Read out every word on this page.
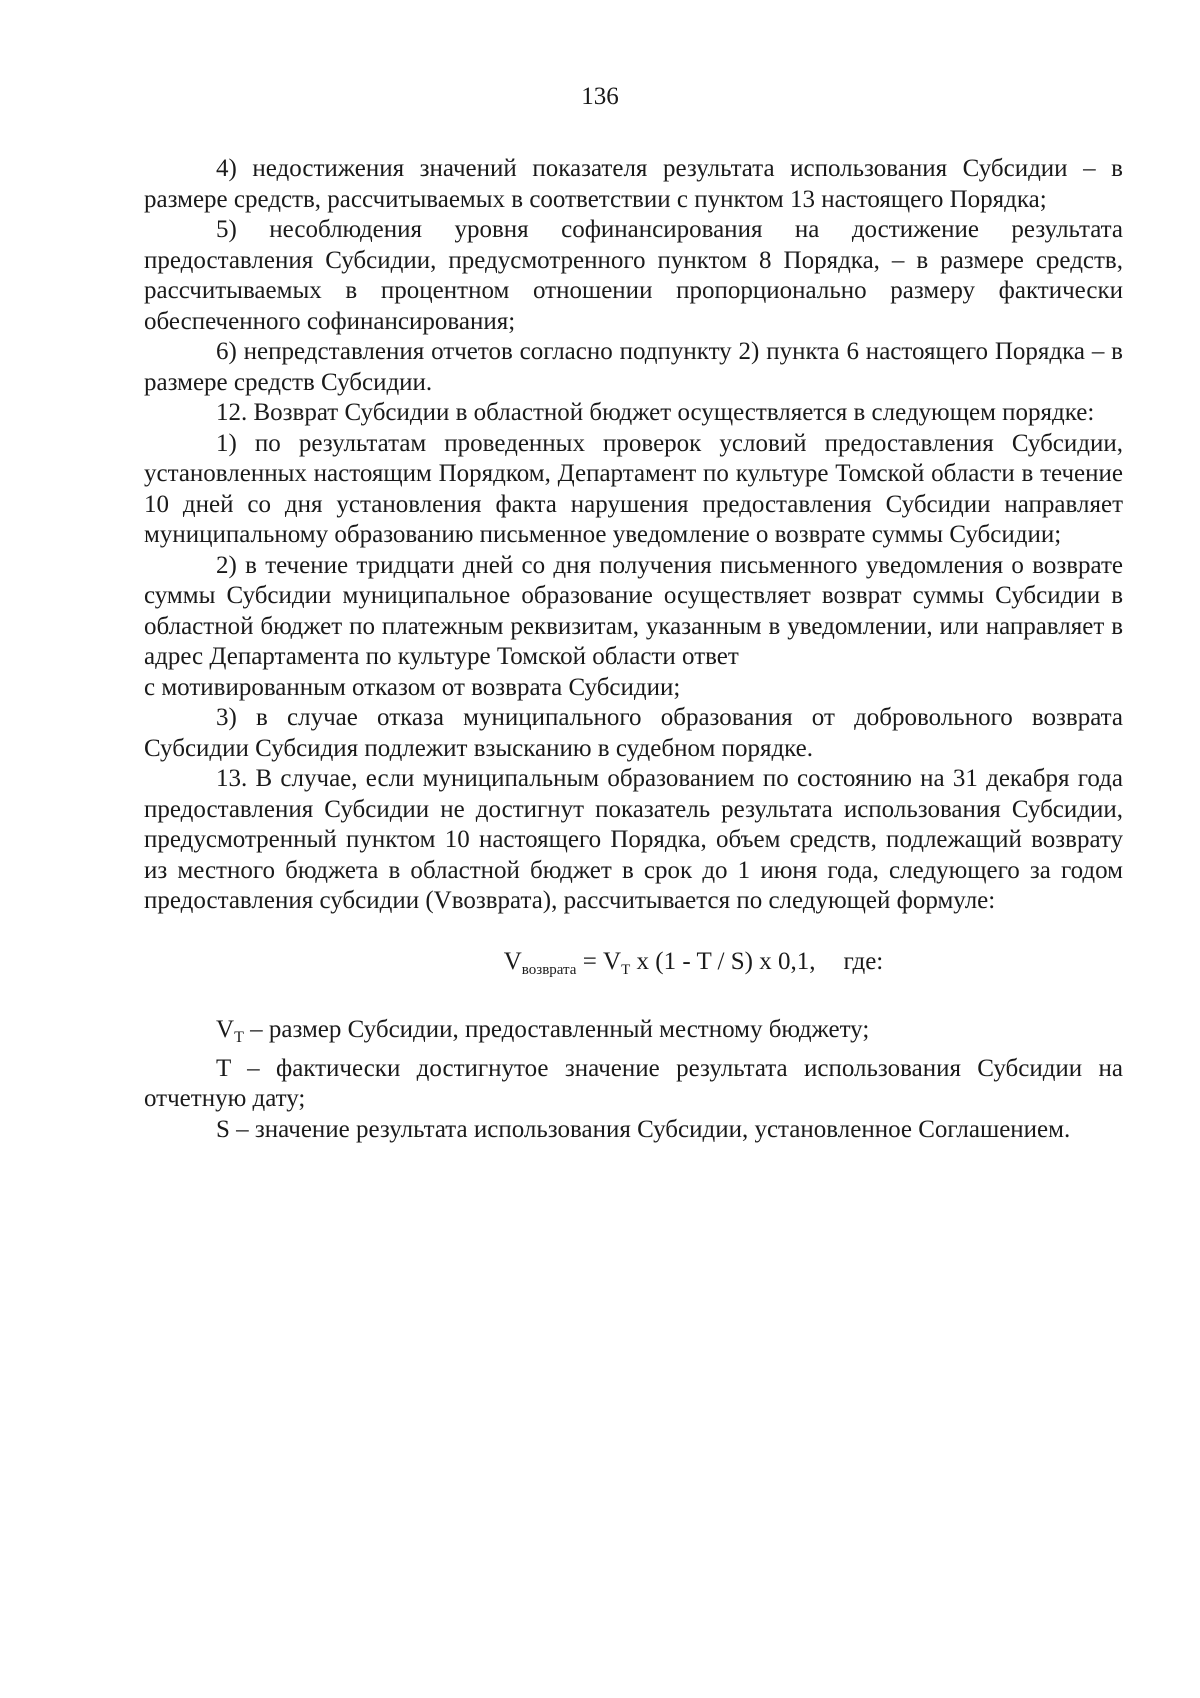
136

4) недостижения значений показателя результата использования Субсидии – в размере средств, рассчитываемых в соответствии с пунктом 13 настоящего Порядка;

5) несоблюдения уровня софинансирования на достижение результата предоставления Субсидии, предусмотренного пунктом 8 Порядка, – в размере средств, рассчитываемых в процентном отношении пропорционально размеру фактически обеспеченного софинансирования;

6) непредставления отчетов согласно подпункту 2) пункта 6 настоящего Порядка – в размере средств Субсидии.

12. Возврат Субсидии в областной бюджет осуществляется в следующем порядке:

1) по результатам проведенных проверок условий предоставления Субсидии, установленных настоящим Порядком, Департамент по культуре Томской области в течение 10 дней со дня установления факта нарушения предоставления Субсидии направляет муниципальному образованию письменное уведомление о возврате суммы Субсидии;

2) в течение тридцати дней со дня получения письменного уведомления о возврате суммы Субсидии муниципальное образование осуществляет возврат суммы Субсидии в областной бюджет по платежным реквизитам, указанным в уведомлении, или направляет в адрес Департамента по культуре Томской области ответ

с мотивированным отказом от возврата Субсидии;

3) в случае отказа муниципального образования от добровольного возврата Субсидии Субсидия подлежит взысканию в судебном порядке.

13. В случае, если муниципальным образованием по состоянию на 31 декабря года предоставления Субсидии не достигнут показатель результата использования Субсидии, предусмотренный пунктом 10 настоящего Порядка, объем средств, подлежащий возврату из местного бюджета в областной бюджет в срок до 1 июня года, следующего за годом предоставления субсидии (Vвозврата), рассчитывается по следующей формуле:

$V_{возврата} = V_T$ x (1 - T / S) x 0,1, где:

$V_T$ – размер Субсидии, предоставленный местному бюджету;

T – фактически достигнутое значение результата использования Субсидии на отчетную дату;

S – значение результата использования Субсидии, установленное Соглашением.
